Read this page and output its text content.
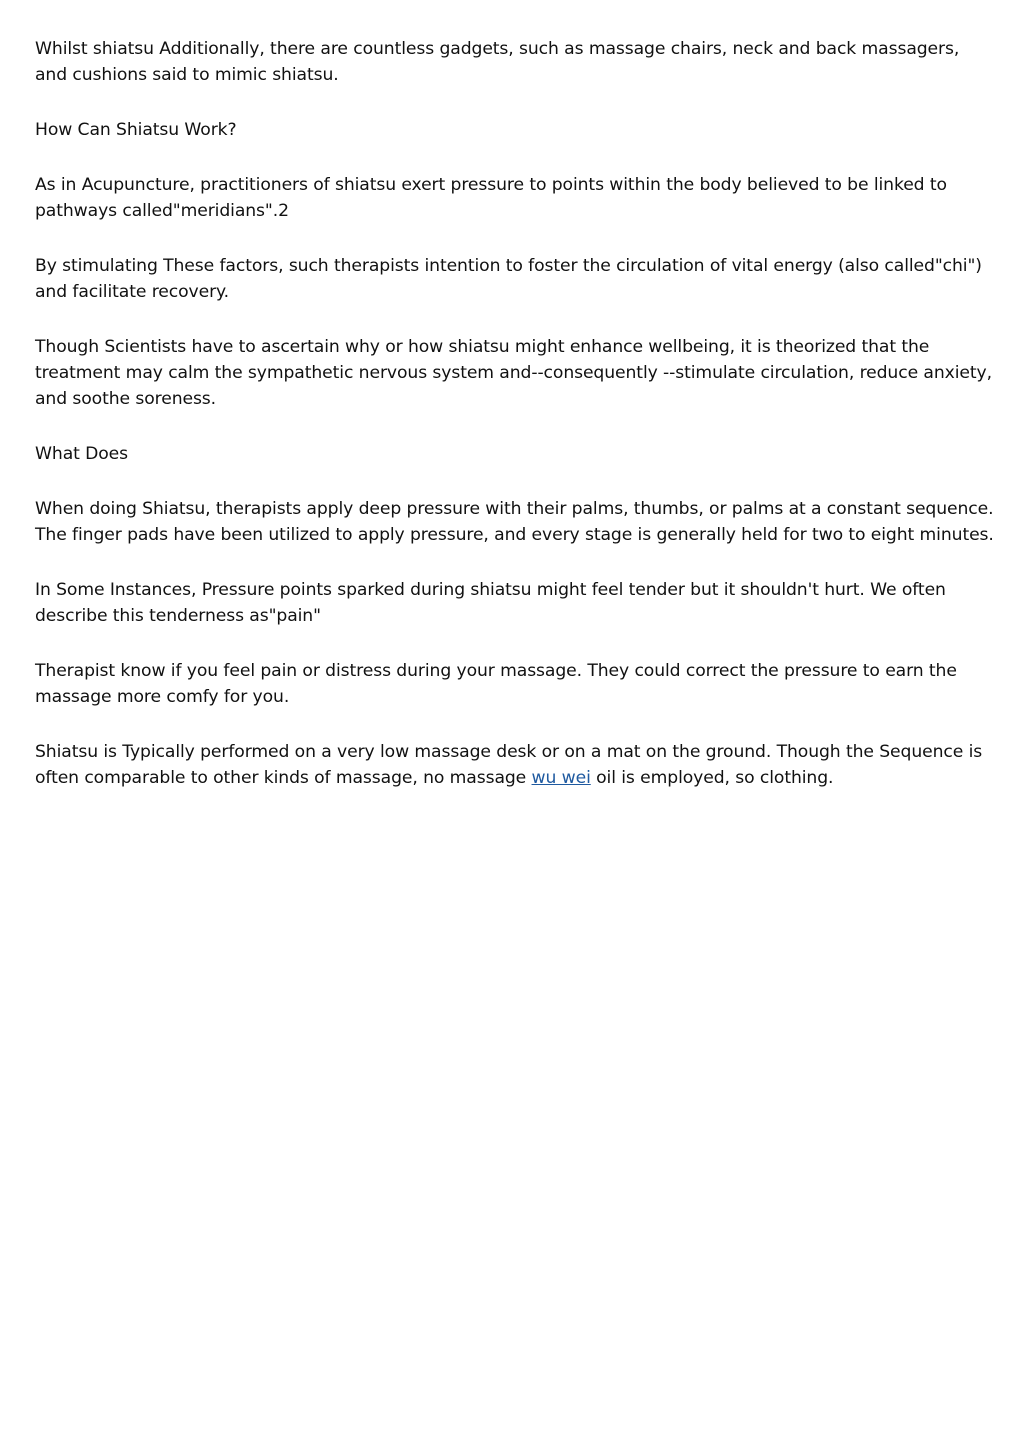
Whilst shiatsu Additionally, there are countless gadgets, such as massage chairs, neck and back massagers, and cushions said to mimic shiatsu.

How Can Shiatsu Work?

As in Acupuncture, practitioners of shiatsu exert pressure to points within the body believed to be linked to pathways called"meridians".2

By stimulating These factors, such therapists intention to foster the circulation of vital energy (also called"chi") and facilitate recovery.

Though Scientists have to ascertain why or how shiatsu might enhance wellbeing, it is theorized that the treatment may calm the sympathetic nervous system and--consequently --stimulate circulation, reduce anxiety, and soothe soreness.

What Does

When doing Shiatsu, therapists apply deep pressure with their palms, thumbs, or palms at a constant sequence. The finger pads have been utilized to apply pressure, and every stage is generally held for two to eight minutes.

In Some Instances, Pressure points sparked during shiatsu might feel tender but it shouldn't hurt. We often describe this tenderness as"pain"

Therapist know if you feel pain or distress during your massage. They could correct the pressure to earn the massage more comfy for you.

Shiatsu is Typically performed on a very low massage desk or on a mat on the ground. Though the Sequence is often comparable to other kinds of massage, no massage wu wei oil is employed, so clothing.
